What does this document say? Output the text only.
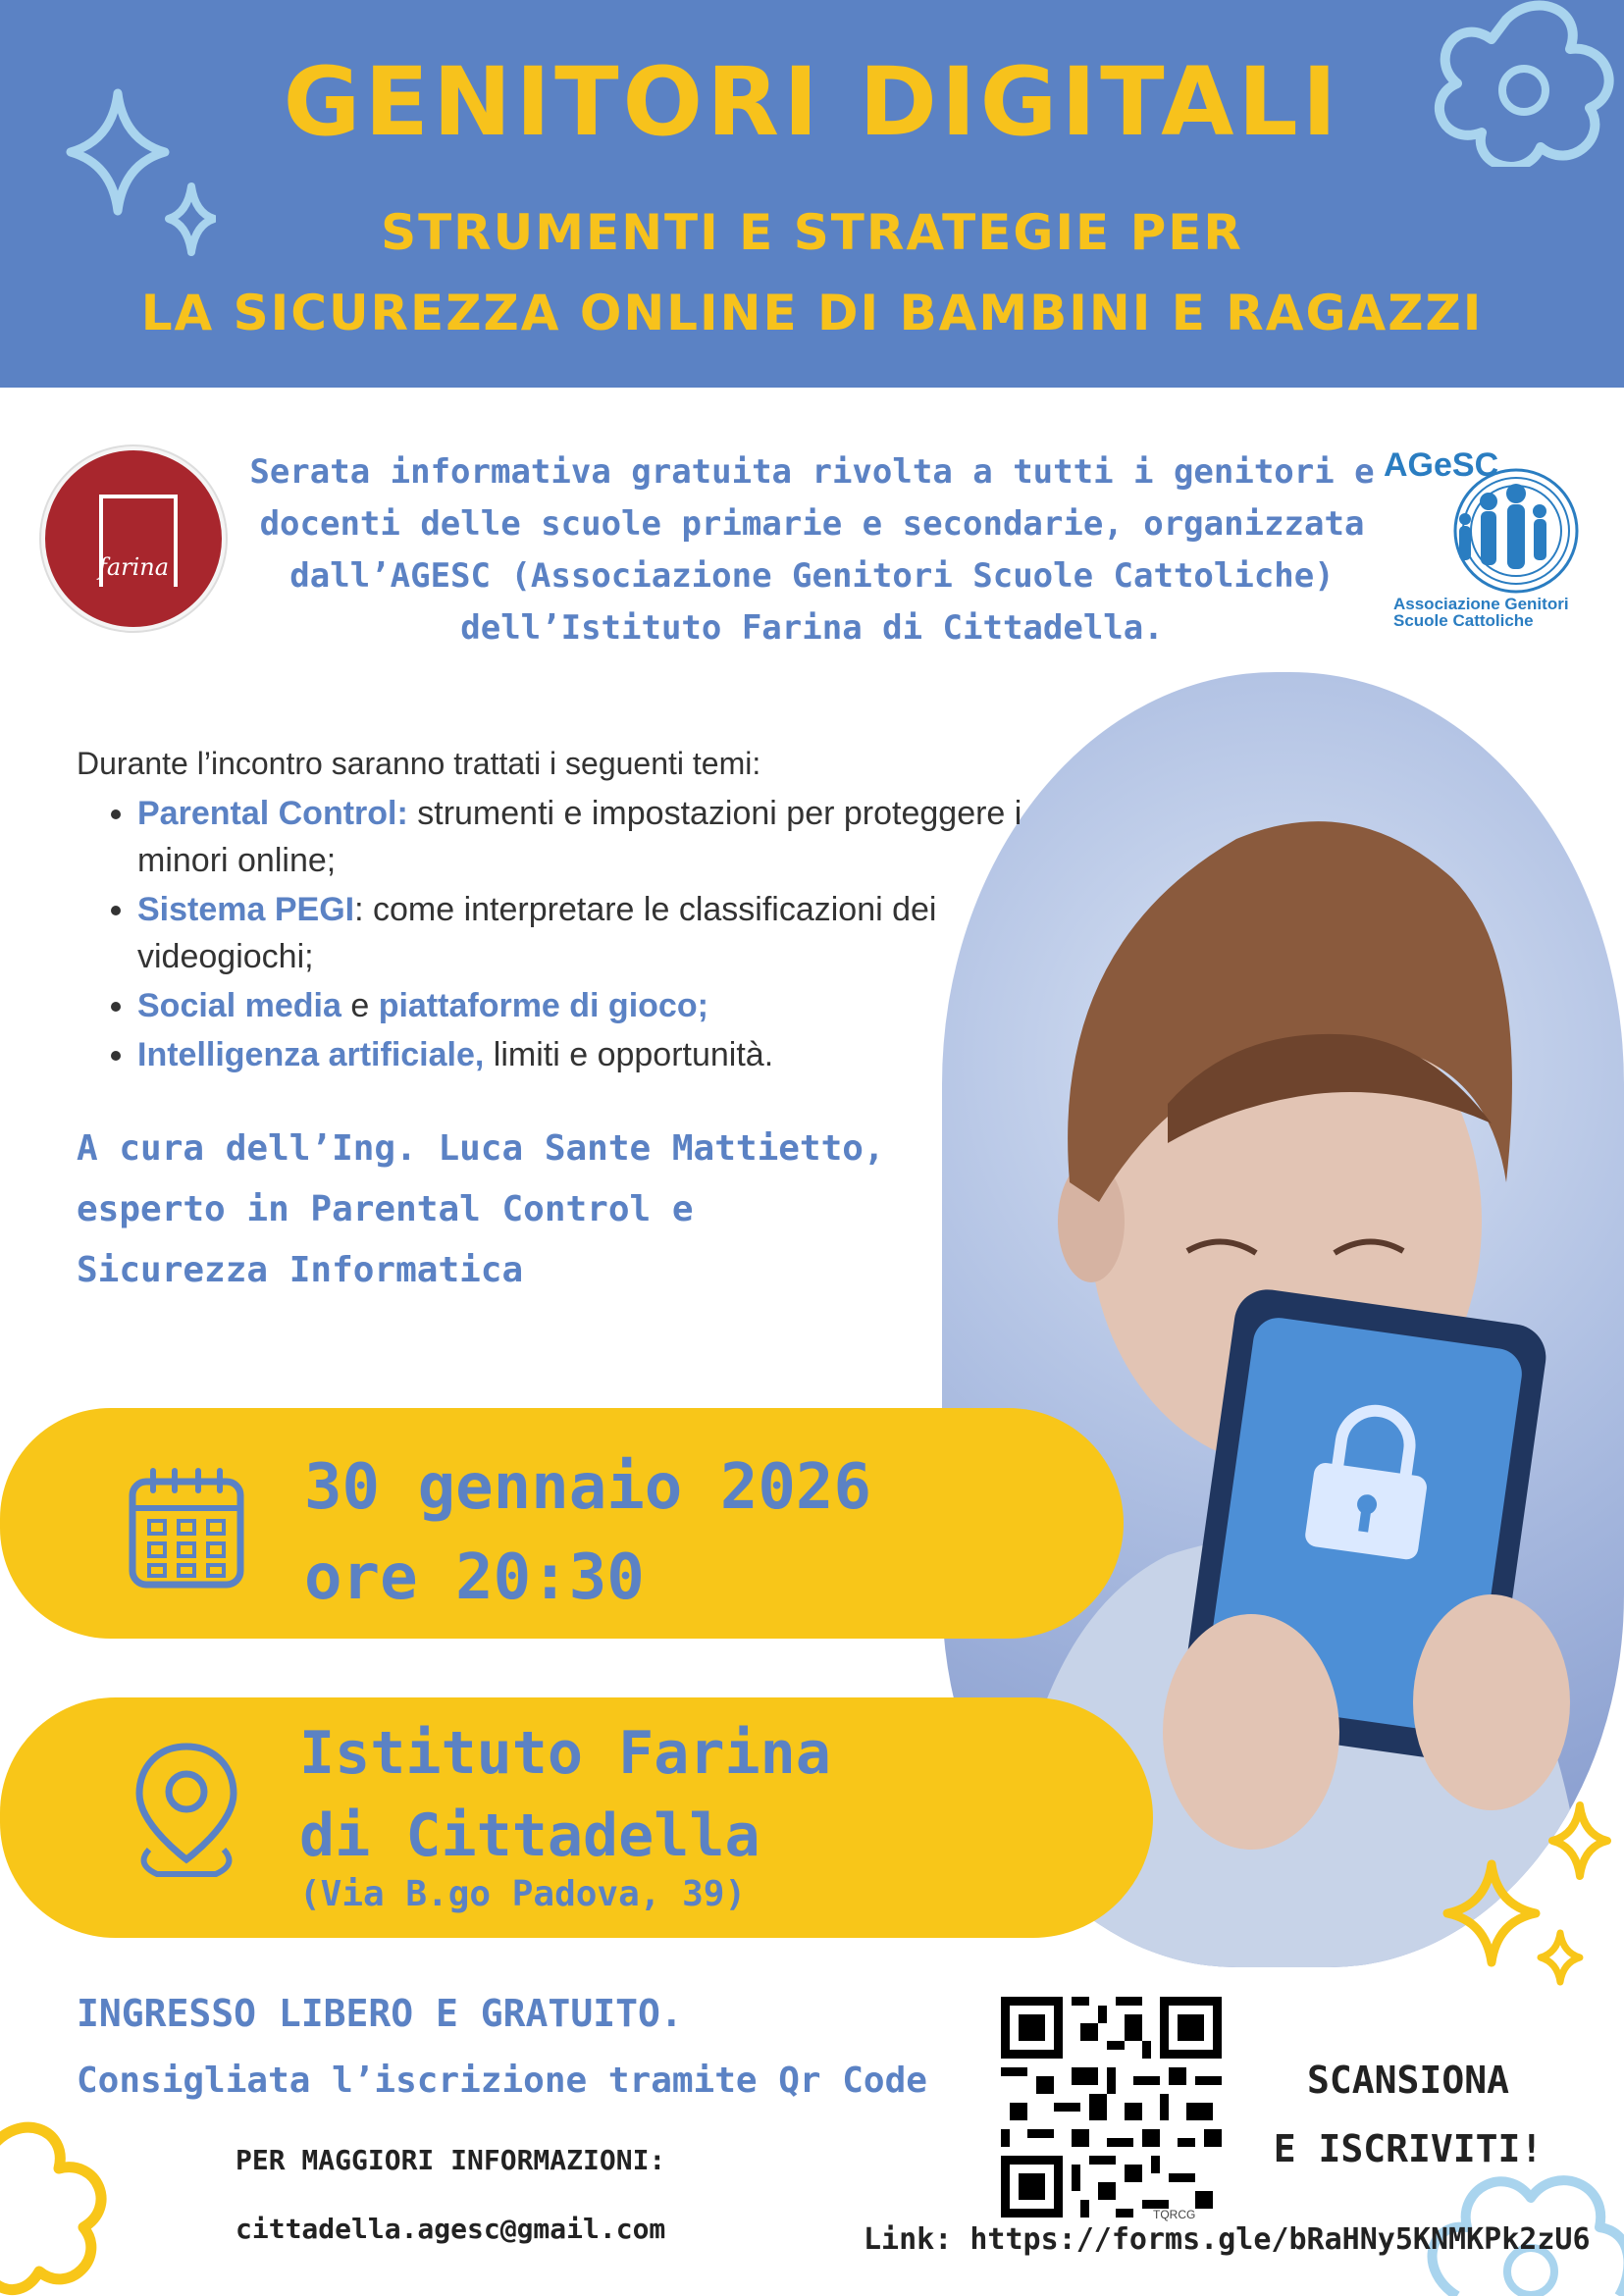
GENITORI DIGITALI
STRUMENTI E STRATEGIE PER
LA SICUREZZA ONLINE DI BAMBINI E RAGAZZI
farina
Serata informativa gratuita rivolta a tutti i genitori e
docenti delle scuole primarie e secondarie, organizzata
dall’AGESC (Associazione Genitori Scuole Cattoliche)
dell’Istituto Farina di Cittadella.
AGeSC
Associazione Genitori
Scuole Cattoliche
Durante l’incontro saranno trattati i seguenti temi:
• Parental Control: strumenti e impostazioni per proteggere i minori online;
• Sistema PEGI: come interpretare le classificazioni dei videogiochi;
• Social media e piattaforme di gioco;
• Intelligenza artificiale, limiti e opportunità.
A cura dell’Ing. Luca Sante Mattietto,
esperto in Parental Control e
Sicurezza Informatica
30 gennaio 2026
ore 20:30
Istituto Farina
di Cittadella
(Via B.go Padova, 39)
INGRESSO LIBERO E GRATUITO.
Consigliata l’iscrizione tramite Qr Code
PER MAGGIORI INFORMAZIONI:
cittadella.agesc@gmail.com	TQRCG
SCANSIONA
E ISCRIVITI!
Link: https://forms.gle/bRaHNy5KNMKPk2zU6
